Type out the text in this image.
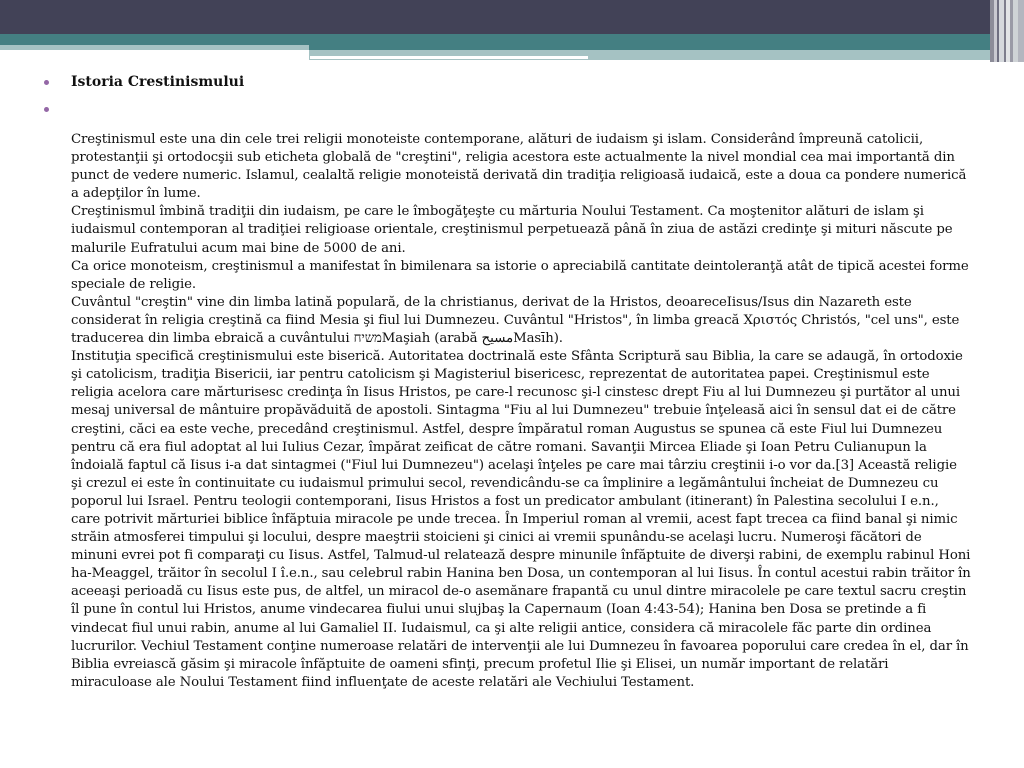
Istoria Crestinismului

Creştinismul este una din cele trei religii monoteiste contemporane, alături de iudaism şi islam. Considerând împreună catolicii, protestanţii şi ortodocşii sub eticheta globală de "creştini", religia acestora este actualmente la nivel mondial cea mai importantă din punct de vedere numeric. Islamul, cealaltă religie monoteistă derivată din tradiţia religioasă iudaică, este a doua ca pondere numerică a adepţilor în lume.

Creştinismul îmbină tradiţii din iudaism, pe care le îmbogăţeşte cu mărturia Noului Testament. Ca moştenitor alături de islam şi iudaismul contemporan al tradiţiei religioase orientale, creştinismul perpetuează până în ziua de astăzi credinţe şi mituri născute pe malurile Eufratului acum mai bine de 5000 de ani.

Ca orice monoteism, creştinismul a manifestat în bimilenara sa istorie o apreciabilă cantitate deintoleranţă atât de tipică acestei forme speciale de religie.

Cuvântul "creştin" vine din limba latină populară, de la christianus, derivat de la Hristos, deoareceIisus/Isus din Nazareth este considerat în religia creştină ca fiind Mesia şi fiul lui Dumnezeu. Cuvântul "Hristos", în limba greacă Χριστός Christós, "cel uns", este traducerea din limba ebraică a cuvântului משיחMaşiah (arabă مسيحMasīh).

Instituţia specifică creştinismului este biserică. Autoritatea doctrinală este Sfânta Scriptură sau Biblia, la care se adaugă, în ortodoxie şi catolicism, tradiţia Bisericii, iar pentru catolicism şi Magisteriul bisericesc, reprezentat de autoritatea papei. Creştinismul este religia acelora care mărturisesc credinţa în Iisus Hristos, pe care-l recunosc şi-l cinstesc drept Fiu al lui Dumnezeu şi purtător al unui mesaj universal de mântuire propăvăduită de apostoli. Sintagma "Fiu al lui Dumnezeu" trebuie înţeleasă aici în sensul dat ei de către creştini, căci ea este veche, precedând creştinismul. Astfel, despre împăratul roman Augustus se spunea că este Fiul lui Dumnezeu pentru că era fiul adoptat al lui Iulius Cezar, împărat zeificat de către romani. Savanţii Mircea Eliade şi Ioan Petru Culianupun la îndoială faptul că Iisus i-a dat sintagmei ("Fiul lui Dumnezeu") acelaşi înţeles pe care mai târziu creştinii i-o vor da.[3] Această religie şi crezul ei este în continuitate cu iudaismul primului secol, revendicându-se ca împlinire a legământului încheiat de Dumnezeu cu poporul lui Israel. Pentru teologii contemporani, Iisus Hristos a fost un predicator ambulant (itinerant) în Palestina secolului I e.n., care potrivit mărturiei biblice înfăptuia miracole pe unde trecea. În Imperiul roman al vremii, acest fapt trecea ca fiind banal şi nimic străin atmosferei timpului şi locului, despre maeştrii stoicieni şi cinici ai vremii spunându-se acelaşi lucru. Numeroşi făcători de minuni evrei pot fi comparaţi cu Iisus. Astfel, Talmud-ul relatează despre minunile înfăptuite de diverşi rabini, de exemplu rabinul Honi ha-Meaggel, trăitor în secolul I î.e.n., sau celebrul rabin Hanina ben Dosa, un contemporan al lui Iisus. În contul acestui rabin trăitor în aceeaşi perioadă cu Iisus este pus, de altfel, un miracol de-o asemănare frapantă cu unul dintre miracolele pe care textul sacru creştin îl pune în contul lui Hristos, anume vindecarea fiului unui slujbaş la Capernaum (Ioan 4:43-54); Hanina ben Dosa se pretinde a fi vindecat fiul unui rabin, anume al lui Gamaliel II. Iudaismul, ca şi alte religii antice, considera că miracolele făc parte din ordinea lucrurilor. Vechiul Testament conţine numeroase relatări de intervenţii ale lui Dumnezeu în favoarea poporului care credea în el, dar în Biblia evreiască găsim şi miracole înfăptuite de oameni sfinţi, precum profetul Ilie şi Elisei, un număr important de relatări miraculoase ale Noului Testament fiind influenţate de aceste relatări ale Vechiului Testament.
